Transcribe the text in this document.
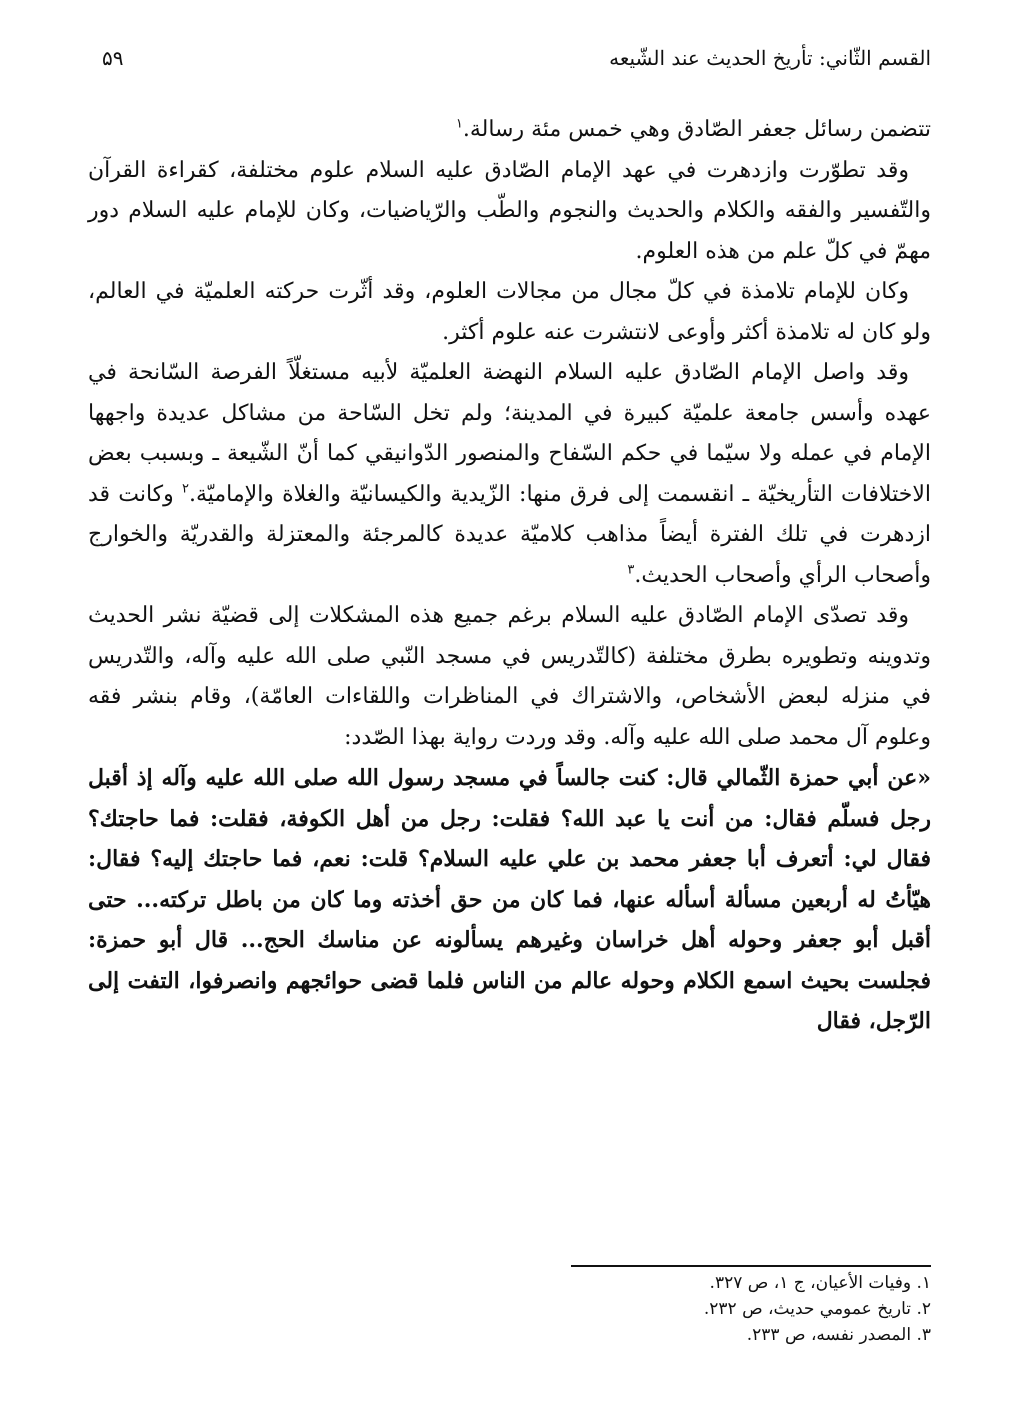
القسم الثّاني: تأريخ الحديث عند الشّيعه
۵۹

تتضمن رسائل جعفر الصّادق وهي خمس مئة رسالة.$^١$

وقد تطوّرت وازدهرت في عهد الإمام الصّادق عليه السلام علوم مختلفة، كقراءة القرآن والتّفسير والفقه والكلام والحديث والنجوم والطّب والرّياضيات، وكان للإمام عليه السلام دور مهمّ في كلّ علم من هذه العلوم.

وكان للإمام تلامذة في كلّ مجال من مجالات العلوم، وقد أثّرت حركته العلميّة في العالم، ولو كان له تلامذة أكثر وأوعى لانتشرت عنه علوم أكثر.

وقد واصل الإمام الصّادق عليه السلام النهضة العلميّة لأبيه مستغلّاً الفرصة السّانحة في عهده وأسس جامعة علميّة كبيرة في المدينة؛ ولم تخل السّاحة من مشاكل عديدة واجهها الإمام في عمله ولا سيّما في حكم السّفاح والمنصور الدّوانيقي كما أنّ الشّيعة ـ وبسبب بعض الاختلافات التأريخيّة ـ انقسمت إلى فرق منها: الزّيدية والكيسانيّة والغلاة والإماميّة.$^٢$ وكانت قد ازدهرت في تلك الفترة أيضاً مذاهب كلاميّة عديدة كالمرجئة والمعتزلة والقدريّة والخوارج وأصحاب الرأي وأصحاب الحديث.$^٣$

وقد تصدّى الإمام الصّادق عليه السلام برغم جميع هذه المشكلات إلى قضيّة نشر الحديث وتدوينه وتطويره بطرق مختلفة (كالتّدريس في مسجد النّبي صلى الله عليه وآله، والتّدريس في منزله لبعض الأشخاص، والاشتراك في المناظرات واللقاءات العامّة)، وقام بنشر فقه وعلوم آل محمد صلى الله عليه وآله. وقد وردت رواية بهذا الصّدد:

«عن أبي حمزة الثّمالي قال: كنت جالساً في مسجد رسول الله صلى الله عليه وآله إذ أقبل رجل فسلّم فقال: من أنت يا عبد الله؟ فقلت: رجل من أهل الكوفة، فقلت: فما حاجتك؟ فقال لي: أتعرف أبا جعفر محمد بن علي عليه السلام؟ قلت: نعم، فما حاجتك إليه؟ فقال: هيّأتُ له أربعين مسألة أسأله عنها، فما كان من حق أخذته وما كان من باطل تركته... حتى أقبل أبو جعفر وحوله أهل خراسان وغيرهم يسألونه عن مناسك الحج... قال أبو حمزة: فجلست بحيث اسمع الكلام وحوله عالم من الناس فلما قضى حوائجهم وانصرفوا، التفت إلى الرّجل، فقال

١. وفيات الأعيان، ج ١، ص ٣٢٧.

٢. تاريخ عمومي حديث، ص ٢٣٢.

٣. المصدر نفسه، ص ٢٣٣.
